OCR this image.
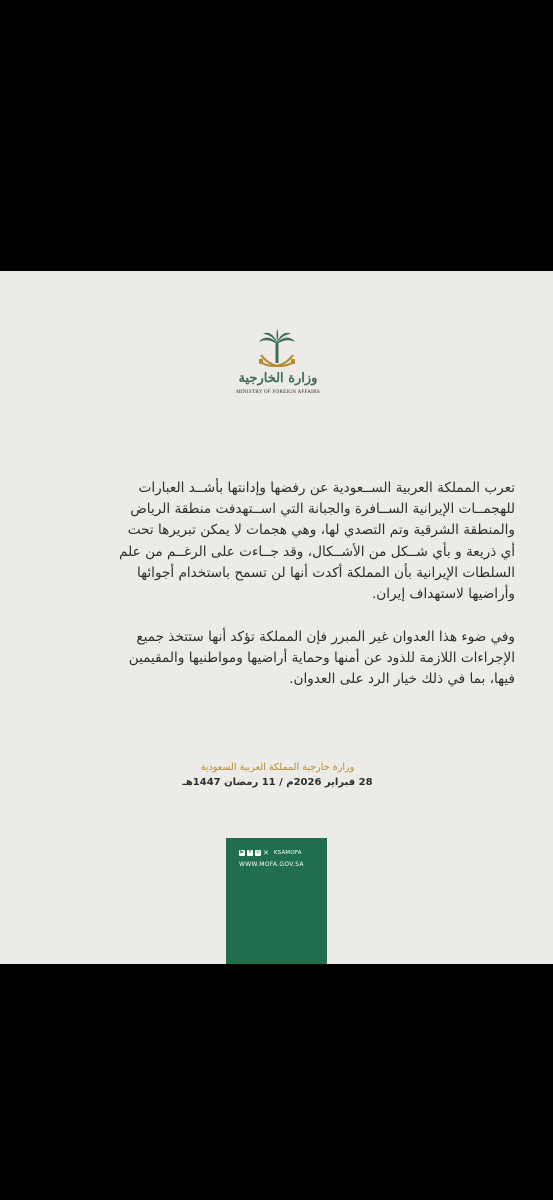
وزارة الخارجية
MINISTRY OF FOREIGN AFFAIRS

تعرب المملكة العربية الســعودية عن رفضها وإدانتها بأشــد العبارات

للهجمــات الإيرانية الســافرة والجبانة التي اســتهدفت منطقة الرياض

والمنطقة الشرقية وتم التصدي لها، وهي هجمات لا يمكن تبريرها تحت

أي ذريعة و بأي شــكل من الأشــكال، وقد جــاءت على الرغــم من علم

السلطات الإيرانية بأن المملكة أكدت أنها لن تسمح باستخدام أجوائها

وأراضيها لاستهداف إيران.

وفي ضوء هذا العدوان غير المبرر فإن المملكة تؤكد أنها ستتخذ جميع

الإجراءات اللازمة للذود عن أمنها وحماية أراضيها ومواطنيها والمقيمين

فيها، بما في ذلك خيار الرد على العدوان.

وزارة خارجية المملكة العربية السعودية
28 فبراير 2026م / 11 رمضان 1447هـ
▶	f	◎ ✕ KSAMOFA
WWW.MOFA.GOV.SA
